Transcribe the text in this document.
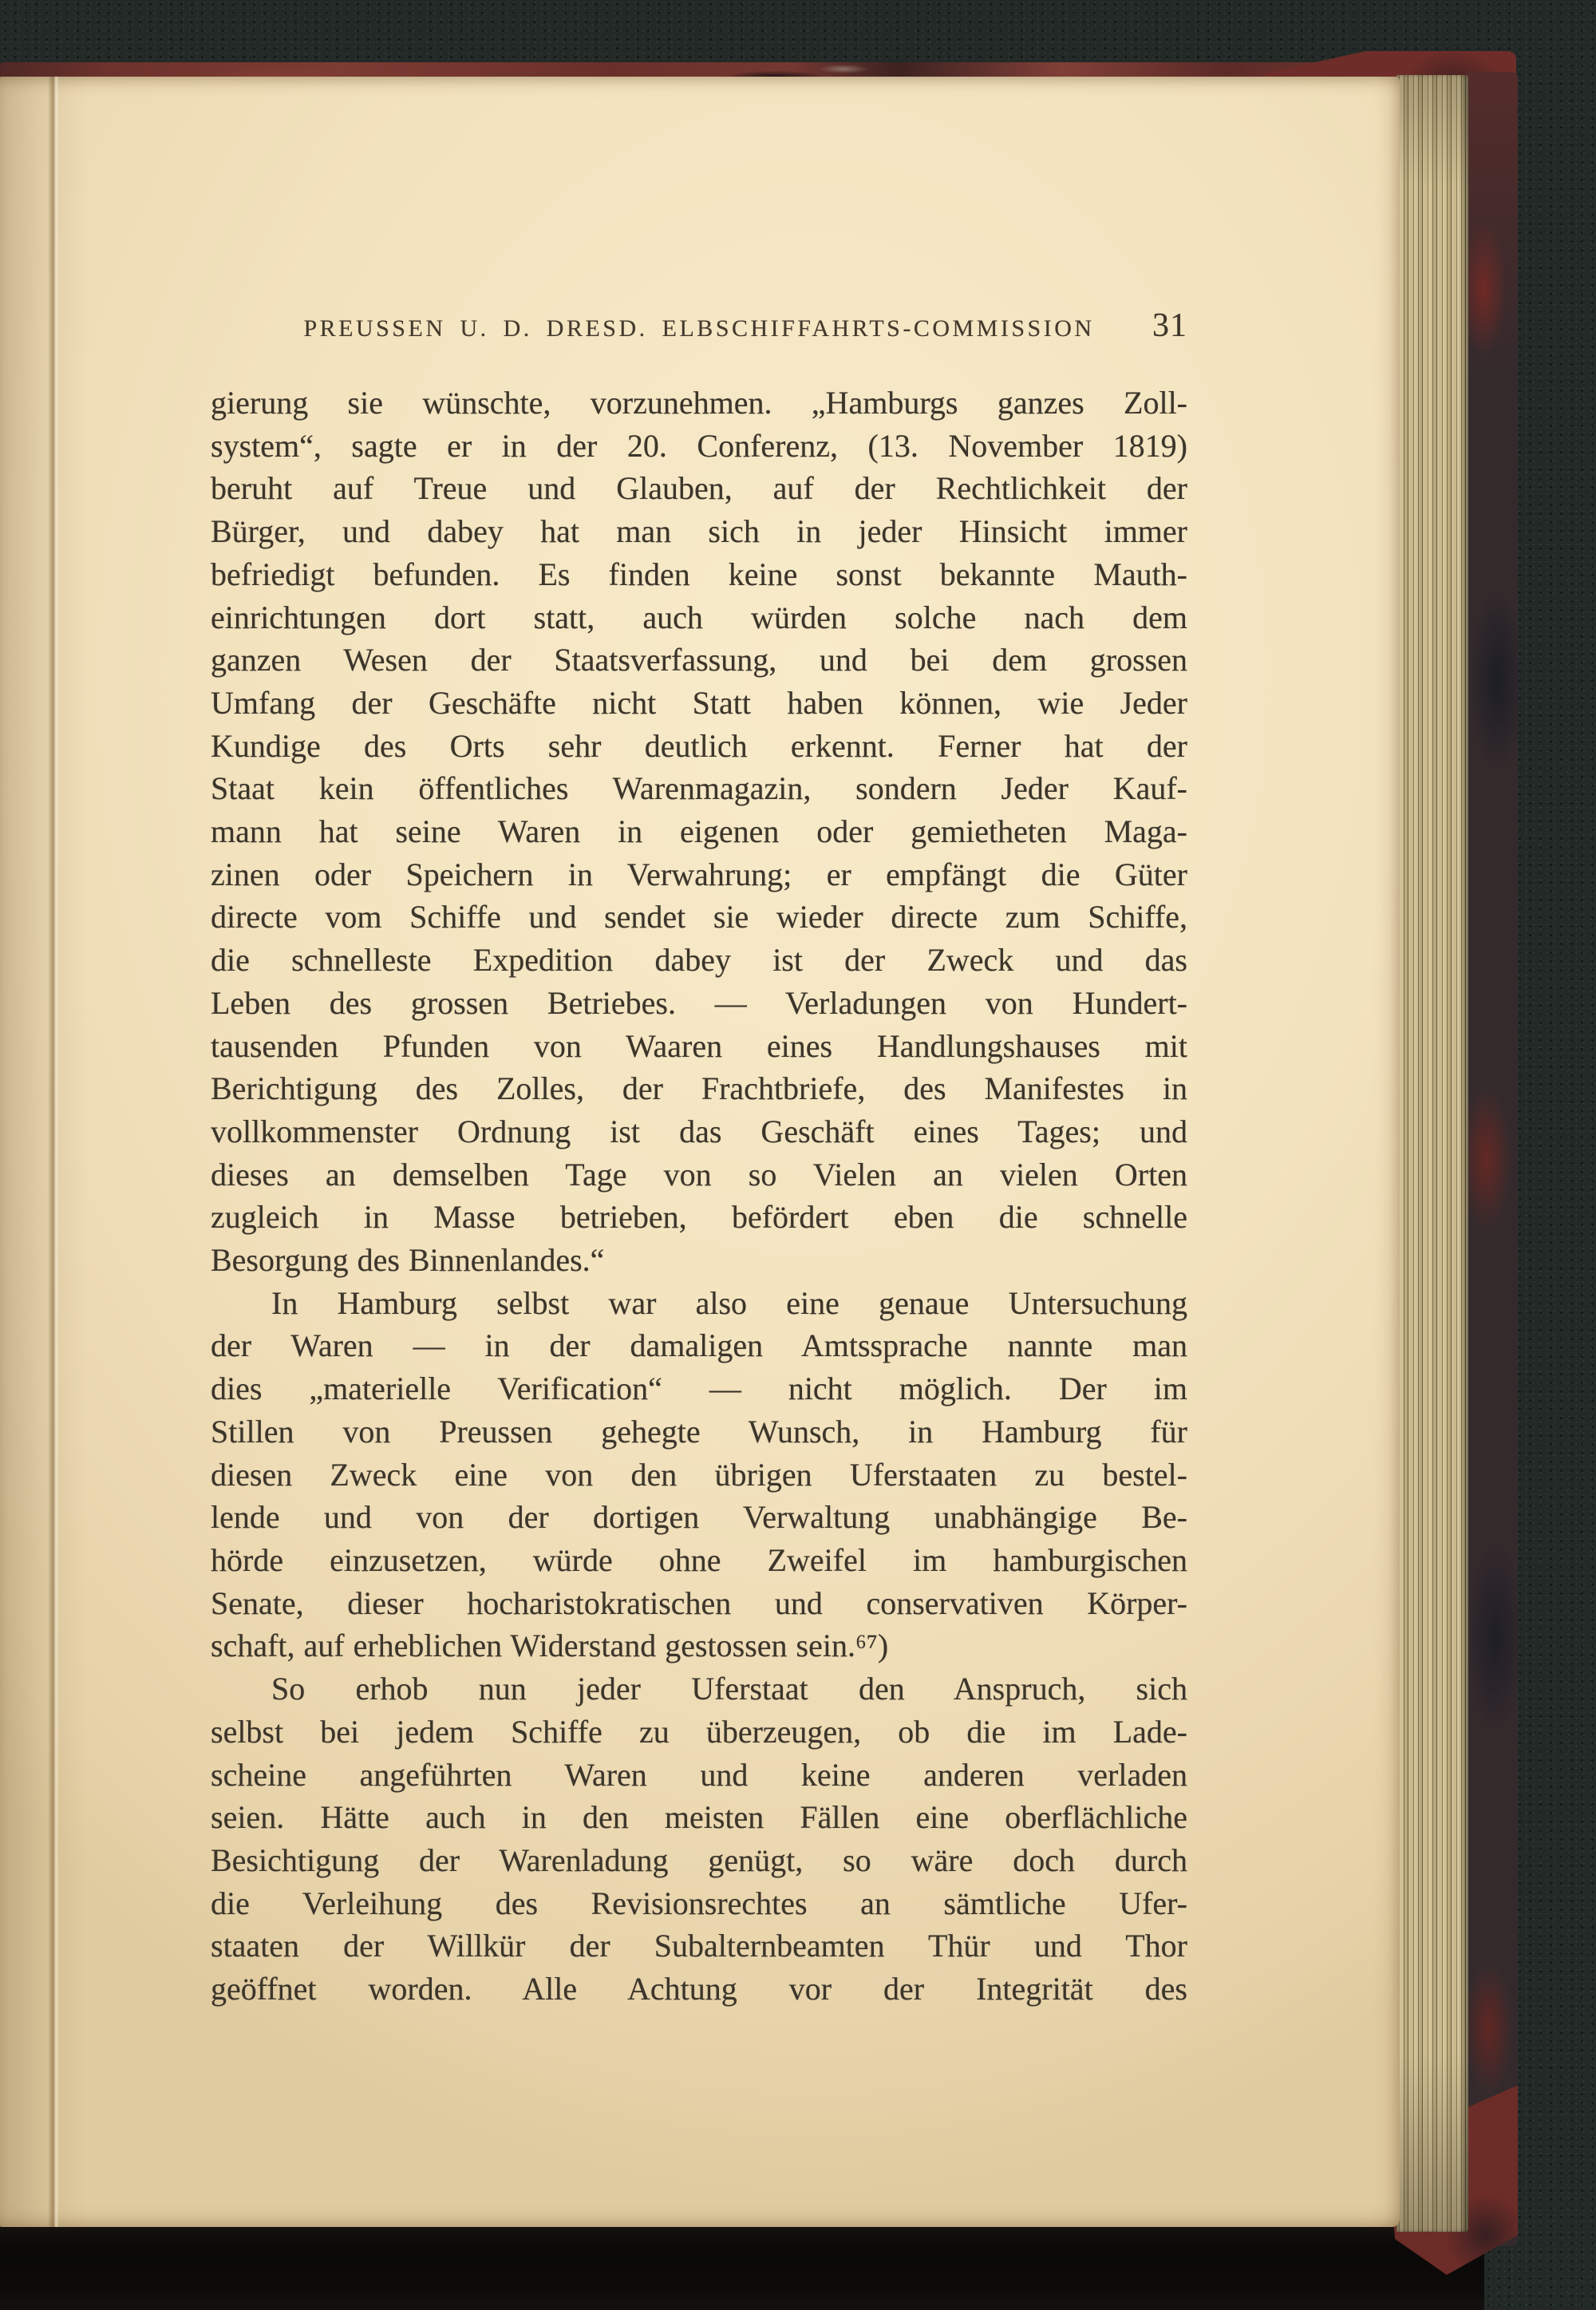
PREUSSEN U. D. DRESD. ELBSCHIFFAHRTS-COMMISSION 31
gierung sie wünschte, vorzunehmen. „Hamburgs ganzes Zoll-
system“, sagte er in der 20. Conferenz, (13. November 1819)
beruht auf Treue und Glauben, auf der Rechtlichkeit der
Bürger, und dabey hat man sich in jeder Hinsicht immer
befriedigt befunden. Es finden keine sonst bekannte Mauth-
einrichtungen dort statt, auch würden solche nach dem
ganzen Wesen der Staatsverfassung, und bei dem grossen
Umfang der Geschäfte nicht Statt haben können, wie Jeder
Kundige des Orts sehr deutlich erkennt. Ferner hat der
Staat kein öffentliches Warenmagazin, sondern Jeder Kauf-
mann hat seine Waren in eigenen oder gemietheten Maga-
zinen oder Speichern in Verwahrung; er empfängt die Güter
directe vom Schiffe und sendet sie wieder directe zum Schiffe,
die schnelleste Expedition dabey ist der Zweck und das
Leben des grossen Betriebes. — Verladungen von Hundert-
tausenden Pfunden von Waaren eines Handlungshauses mit
Berichtigung des Zolles, der Frachtbriefe, des Manifestes in
vollkommenster Ordnung ist das Geschäft eines Tages; und
dieses an demselben Tage von so Vielen an vielen Orten
zugleich in Masse betrieben, befördert eben die schnelle
Besorgung des Binnenlandes.“
In Hamburg selbst war also eine genaue Untersuchung
der Waren — in der damaligen Amtssprache nannte man
dies „materielle Verification“ — nicht möglich. Der im
Stillen von Preussen gehegte Wunsch, in Hamburg für
diesen Zweck eine von den übrigen Uferstaaten zu bestel-
lende und von der dortigen Verwaltung unabhängige Be-
hörde einzusetzen, würde ohne Zweifel im hamburgischen
Senate, dieser hocharistokratischen und conservativen Körper-
schaft, auf erheblichen Widerstand gestossen sein.⁶⁷)
So erhob nun jeder Uferstaat den Anspruch, sich
selbst bei jedem Schiffe zu überzeugen, ob die im Lade-
scheine angeführten Waren und keine anderen verladen
seien. Hätte auch in den meisten Fällen eine oberflächliche
Besichtigung der Warenladung genügt, so wäre doch durch
die Verleihung des Revisionsrechtes an sämtliche Ufer-
staaten der Willkür der Subalternbeamten Thür und Thor
geöffnet worden. Alle Achtung vor der Integrität des
